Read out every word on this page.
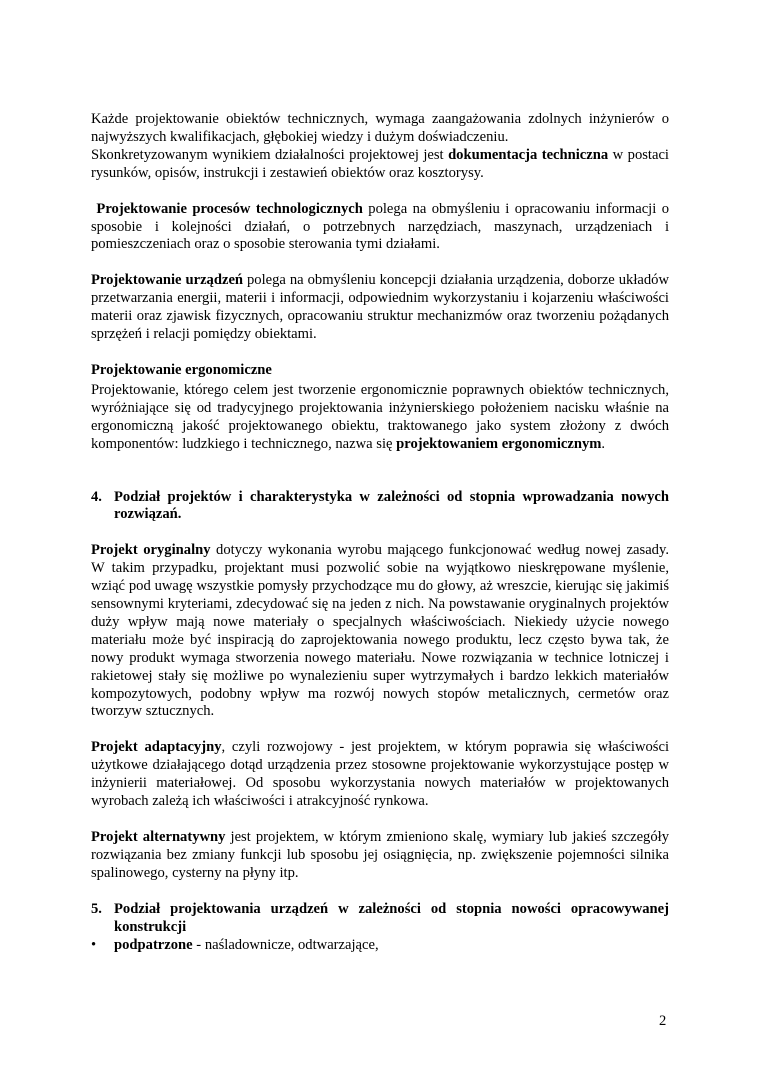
Każde projektowanie obiektów technicznych, wymaga zaangażowania zdolnych inżynierów o najwyższych kwalifikacjach, głębokiej wiedzy i dużym doświadczeniu.
Skonkretyzowanym wynikiem działalności projektowej jest dokumentacja techniczna w postaci rysunków, opisów, instrukcji i zestawień obiektów oraz kosztorysy.

Projektowanie procesów technologicznych polega na obmyśleniu i opracowaniu informacji o sposobie i kolejności działań, o potrzebnych narzędziach, maszynach, urządzeniach i pomieszczeniach oraz o sposobie sterowania tymi działami.

Projektowanie urządzeń polega na obmyśleniu koncepcji działania urządzenia, doborze układów przetwarzania energii, materii i informacji, odpowiednim wykorzystaniu i kojarzeniu właściwości materii oraz zjawisk fizycznych, opracowaniu struktur mechanizmów oraz tworzeniu pożądanych sprzężeń i relacji pomiędzy obiektami.

Projektowanie ergonomiczne

Projektowanie, którego celem jest tworzenie ergonomicznie poprawnych obiektów technicznych, wyróżniające się od tradycyjnego projektowania inżynierskiego położeniem nacisku właśnie na ergonomiczną jakość projektowanego obiektu, traktowanego jako system złożony z dwóch komponentów: ludzkiego i technicznego, nazwa się projektowaniem ergonomicznym.

4. Podział projektów i charakterystyka w zależności od stopnia wprowadzania nowych rozwiązań.

Projekt oryginalny dotyczy wykonania wyrobu mającego funkcjonować według nowej zasady. W takim przypadku, projektant musi pozwolić sobie na wyjątkowo nieskrępowane myślenie, wziąć pod uwagę wszystkie pomysły przychodzące mu do głowy, aż wreszcie, kierując się jakimiś sensownymi kryteriami, zdecydować się na jeden z nich. Na powstawanie oryginalnych projektów duży wpływ mają nowe materiały o specjalnych właściwościach. Niekiedy użycie nowego materiału może być inspiracją do zaprojektowania nowego produktu, lecz często bywa tak, że nowy produkt wymaga stworzenia nowego materiału. Nowe rozwiązania w technice lotniczej i rakietowej stały się możliwe po wynalezieniu super wytrzymałych i bardzo lekkich materiałów kompozytowych, podobny wpływ ma rozwój nowych stopów metalicznych, cermetów oraz tworzyw sztucznych.

Projekt adaptacyjny, czyli rozwojowy - jest projektem, w którym poprawia się właściwości użytkowe działającego dotąd urządzenia przez stosowne projektowanie wykorzystujące postęp w inżynierii materiałowej. Od sposobu wykorzystania nowych materiałów w projektowanych wyrobach zależą ich właściwości i atrakcyjność rynkowa.

Projekt alternatywny jest projektem, w którym zmieniono skalę, wymiary lub jakieś szczegóły rozwiązania bez zmiany funkcji lub sposobu jej osiągnięcia, np. zwiększenie pojemności silnika spalinowego, cysterny na płyny itp.

5. Podział projektowania urządzeń w zależności od stopnia nowości opracowywanej konstrukcji
•	podpatrzone - naśladownicze, odtwarzające,
2
